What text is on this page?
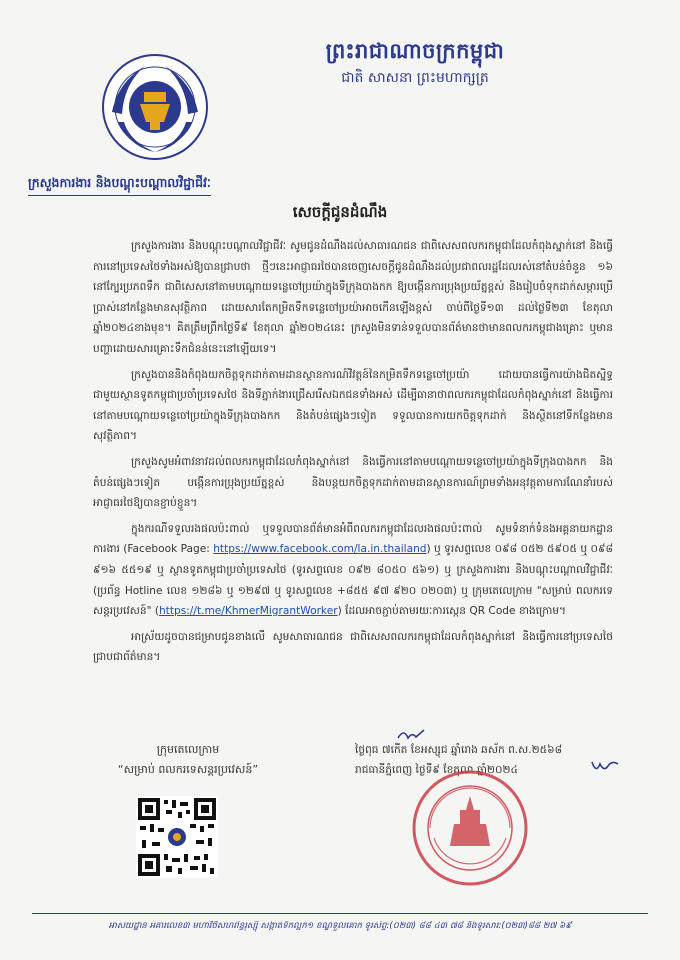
ព្រះរាជាណាចក្រកម្ពុជា
ជាតិ សាសនា ព្រះមហាក្សត្រ
ក្រសួងការងារ និងបណ្តុះបណ្តាលវិជ្ជាជីវៈ
សេចក្តីជូនដំណឹង

ក្រសួងការងារ និងបណ្តុះបណ្តាលវិជ្ជាជីវៈ សូមជូនដំណឹងដល់សាធារណជន ជាពិសេសពលករកម្ពុជាដែលកំពុងស្នាក់នៅ និងធ្វើការនៅប្រទេសថៃទាំងអស់ឱ្យបានជ្រាបថា ថ្មីៗនេះអាជ្ញាធរថៃបានចេញសេចក្តីជូនដំណឹងដល់ប្រជាពលរដ្ឋដែលរស់នៅតំបន់ចំនួន ១៦ នៅក្បែរប្រភពទឹក ជាពិសេសនៅតាមបណ្តោយទន្លេចៅប្រយ៉ាក្នុងទីក្រុងបាងកក ឱ្យបង្កើនការប្រុងប្រយ័ត្នខ្ពស់ និងរៀបចំទុកដាក់សម្ភារប្រើប្រាស់នៅកន្លែងមានសុវត្ថិភាព ដោយសារតែកម្រិតទឹកទន្លេចៅប្រយ៉ាអាចកើនឡើងខ្ពស់ ចាប់ពីថ្ងៃទី១៣ ដល់ថ្ងៃទី២៣ ខែតុលា ឆ្នាំ២០២៤ខាងមុខ។ គិតត្រឹមព្រឹកថ្ងៃទី៩ ខែតុលា ឆ្នាំ២០២៤នេះ ក្រសួងមិនទាន់ទទួលបានព័ត៌មានថាមានពលករកម្ពុជាងគ្រោះ ឬមានបញ្ហាដោយសារគ្រោះទឹកជំនន់នេះនៅឡើយទេ។

ក្រសួងបាននិងកំពុងយកចិត្តទុកដាក់តាមដានស្ថានការណ៍វិវត្តន៍នៃកម្រិតទឹកទន្លេចៅប្រយ៉ា ដោយបានធ្វើការយ៉ាងជិតស្និទ្ធជាមួយស្ថានទូតកម្ពុជាប្រចាំប្រទេសថៃ និងទីភ្នាក់ងារជ្រើសរើសឯកជនទាំងអស់ ដើម្បីធានាថាពលករកម្ពុជាដែលកំពុងស្នាក់នៅ និងធ្វើការនៅតាមបណ្តោយទន្លេចៅប្រយ៉ាក្នុងទីក្រុងបាងកក និងតំបន់ផ្សេងៗទៀត ទទួលបានការយកចិត្តទុកដាក់ និងស្ថិតនៅទីកន្លែងមានសុវត្ថិភាព។

ក្រសួងសូមអំពាវនាវដល់ពលករកម្ពុជាដែលកំពុងស្នាក់នៅ និងធ្វើការនៅតាមបណ្តោយទន្លេចៅប្រយ៉ាក្នុងទីក្រុងបាងកក និងតំបន់ផ្សេងៗទៀត បង្កើនការប្រុងប្រយ័ត្នខ្ពស់ និងបន្តយកចិត្តទុកដាក់តាមដានស្ថានការណ៍ព្រមទាំងអនុវត្តតាមការណែនាំរបស់អាជ្ញាធរថៃឱ្យបានខ្ជាប់ខ្ជួន។

ក្នុងករណីទទួលរងផលប៉ះពាល់ ឬទទួលបានព័ត៌មានអំពីពលករកម្ពុជាដែលរងផលប៉ះពាល់ សូមទំនាក់ទំនងអគ្គនាយកដ្ឋានការងារ (Facebook Page: https://www.facebook.com/la.in.thailand) ឬ ទូរសព្ទលេខ ០៩៨ ០៥២ ៥៩០៥ ឬ ០៩៨ ៩១៦ ៥៥១៩ ឬ ស្ថានទូតកម្ពុជាប្រចាំប្រទេសថៃ (ទូរសព្ទលេខ ០៩២ ៨០៥០ ៥៦១) ឬ ក្រសួងការងារ និងបណ្តុះបណ្តាលវិជ្ជាជីវៈ (ប្រព័ន្ធ Hotline លេខ ១២៨៦ ឬ ១២៩៧ ឬ ទូរសព្ទលេខ +៨៥៥ ៩៧ ៩២០ ០២០៣) ឬ ក្រុមតេលេក្រាម "សម្រាប់ ពលករទេសន្តរប្រវេសន៍" (https://t.me/KhmerMigrantWorker) ដែលអាចភ្ជាប់តាមរយៈការស្កេន QR Code ខាងក្រោម។

អាស្រ័យដូចបានជម្រាបជូនខាងលើ សូមសាធារណជន ជាពិសេសពលករកម្ពុជាដែលកំពុងស្នាក់នៅ និងធ្វើការនៅប្រទេសថៃ ជ្រាបជាព័ត៌មាន។

ក្រុមតេលេក្រាម
“សម្រាប់ ពលករទេសន្តរប្រវេសន៍”
ថ្ងៃពុធ ៧កើត ខែអស្សុជ ឆ្នាំរោង ឆស័ក ព.ស.២៥៦៨
រាជធានីភ្នំពេញ ថ្ងៃទី៩ ខែតុលា ឆ្នាំ២០២៤
អាសយដ្ឋាន អគារលេខ៣ មហាវិថីសហព័ន្ធរុស្ស៊ី សង្កាត់ទឹកល្អក់១ ខណ្ឌទួលគោក ទូរស័ព្ទ:(០២៣) ៨៨ ៤៣ ៧៨ និងទូរសារ:(០២៣)៨៨ ២៧ ៦៩
